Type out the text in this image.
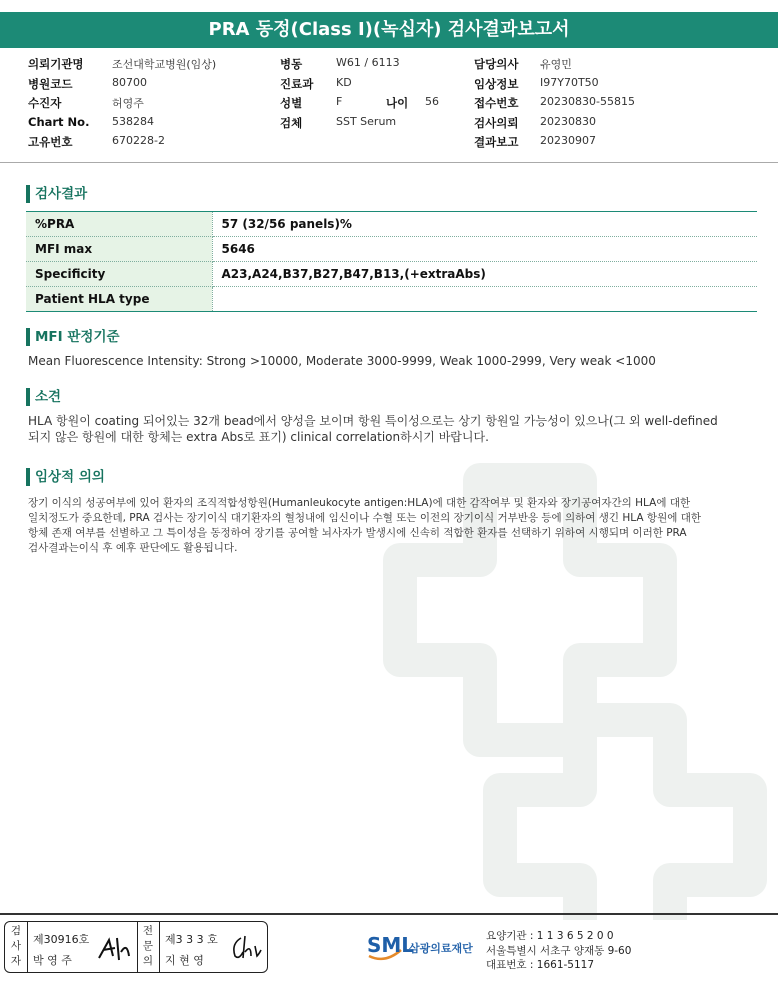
PRA 동정(Class I)(녹십자) 검사결과보고서
의뢰기관명	조선대학교병원(임상)	병동	W61 / 6113	담당의사 유영민
병원코드	80700	진료과 KD	임상정보 I97Y70T50
수진자	허영주	성별	F	나이 56	접수번호 20230830-55815
Chart No. 538284	검체	SST Serum	검사의뢰 20230830
고유번호	670228-2	결과보고 20230907
검사결과
%PRA	57 (32/56 panels)%
MFI max	5646
Specificity	A23,A24,B37,B27,B47,B13,(+extraAbs)
Patient HLA type	
MFI 판정기준
Mean Fluorescence Intensity: Strong >10000, Moderate 3000-9999, Weak 1000-2999, Very weak <1000
소견
HLA 항원이 coating 되어있는 32개 bead에서 양성을 보이며 항원 특이성으로는 상기 항원일 가능성이 있으나(그 외 well-defined
되지 않은 항원에 대한 항체는 extra Abs로 표기) clinical correlation하시기 바랍니다.
임상적 의의
장기 이식의 성공여부에 있어 환자의 조직적합성항원(Humanleukocyte antigen:HLA)에 대한 감작여부 및 환자와 장기공여자간의 HLA에 대한
일치정도가 중요한데, PRA 검사는 장기이식 대기환자의 혈청내에 임신이나 수혈 또는 이전의 장기이식 거부반응 등에 의하여 생긴 HLA 항원에 대한
항체 존재 여부를 선별하고 그 특이성을 동정하여 장기를 공여할 뇌사자가 발생시에 신속히 적합한 환자를 선택하기 위하여 시행되며 이러한 PRA
검사결과는이식 후 예후 판단에도 활용됩니다.
검
사
자
제30916호
박 영 주
전
문
의
제3 3 3 호
지 현 영
SML
삼광의료재단
요양기관 : 1 1 3 6 5 2 0 0
서울특별시 서초구 양재동 9-60
대표번호 : 1661-5117
